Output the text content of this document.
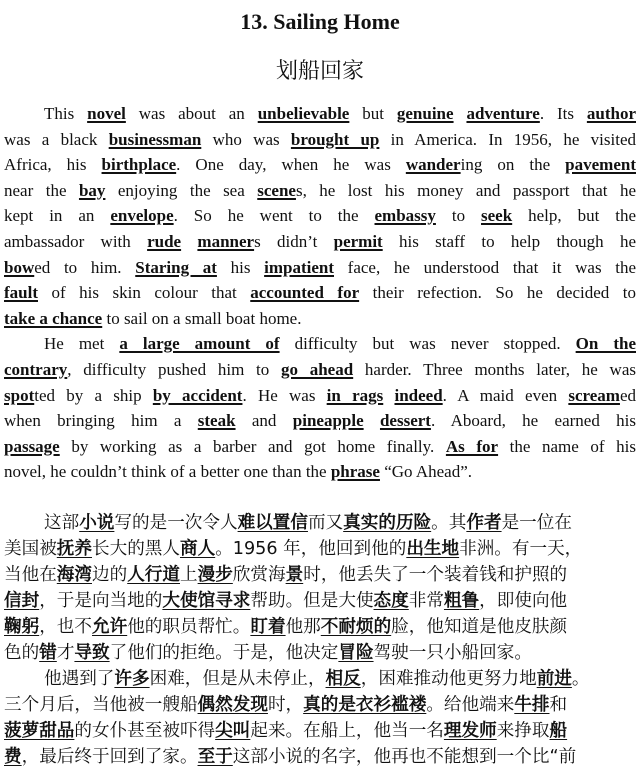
13. Sailing Home
划船回家
This novel was about an unbelievable but genuine adventure. Its author
was a black businessman who was brought up in America. In 1956, he visited
Africa, his birthplace. One day, when he was wandering on the pavement
near the bay enjoying the sea scenes, he lost his money and passport that he
kept in an envelope. So he went to the embassy to seek help, but the
ambassador with rude manners didn’t permit his staff to help though he
bowed to him. Staring at his impatient face, he understood that it was the
fault of his skin colour that accounted for their refection. So he decided to
take a chance to sail on a small boat home.
He met a large amount of difficulty but was never stopped. On the
contrary, difficulty pushed him to go ahead harder. Three months later, he was
spotted by a ship by accident. He was in rags indeed. A maid even screamed
when bringing him a steak and pineapple dessert. Aboard, he earned his
passage by working as a barber and got home finally. As for the name of his
novel, he couldn’t think of a better one than the phrase “Go Ahead”.
这部小说写的是一次令人难以置信而又真实的历险。其作者是一位在
美国被抚养长大的黑人商人。1956 年，他回到他的出生地非洲。有一天，
当他在海湾边的人行道上漫步欣赏海景时，他丢失了一个装着钱和护照的
信封，于是向当地的大使馆寻求帮助。但是大使态度非常粗鲁，即使向他
鞠躬，也不允许他的职员帮忙。盯着他那不耐烦的脸，他知道是他皮肤颜
色的错才导致了他们的拒绝。于是，他决定冒险驾驶一只小船回家。
他遇到了许多困难，但是从未停止，相反，困难推动他更努力地前进。
三个月后，当他被一艘船偶然发现时，真的是衣衫褴褛。给他端来牛排和
菠萝甜品的女仆甚至被吓得尖叫起来。在船上，他当一名理发师来挣取船
费，最后终于回到了家。至于这部小说的名字，他再也不能想到一个比“前
